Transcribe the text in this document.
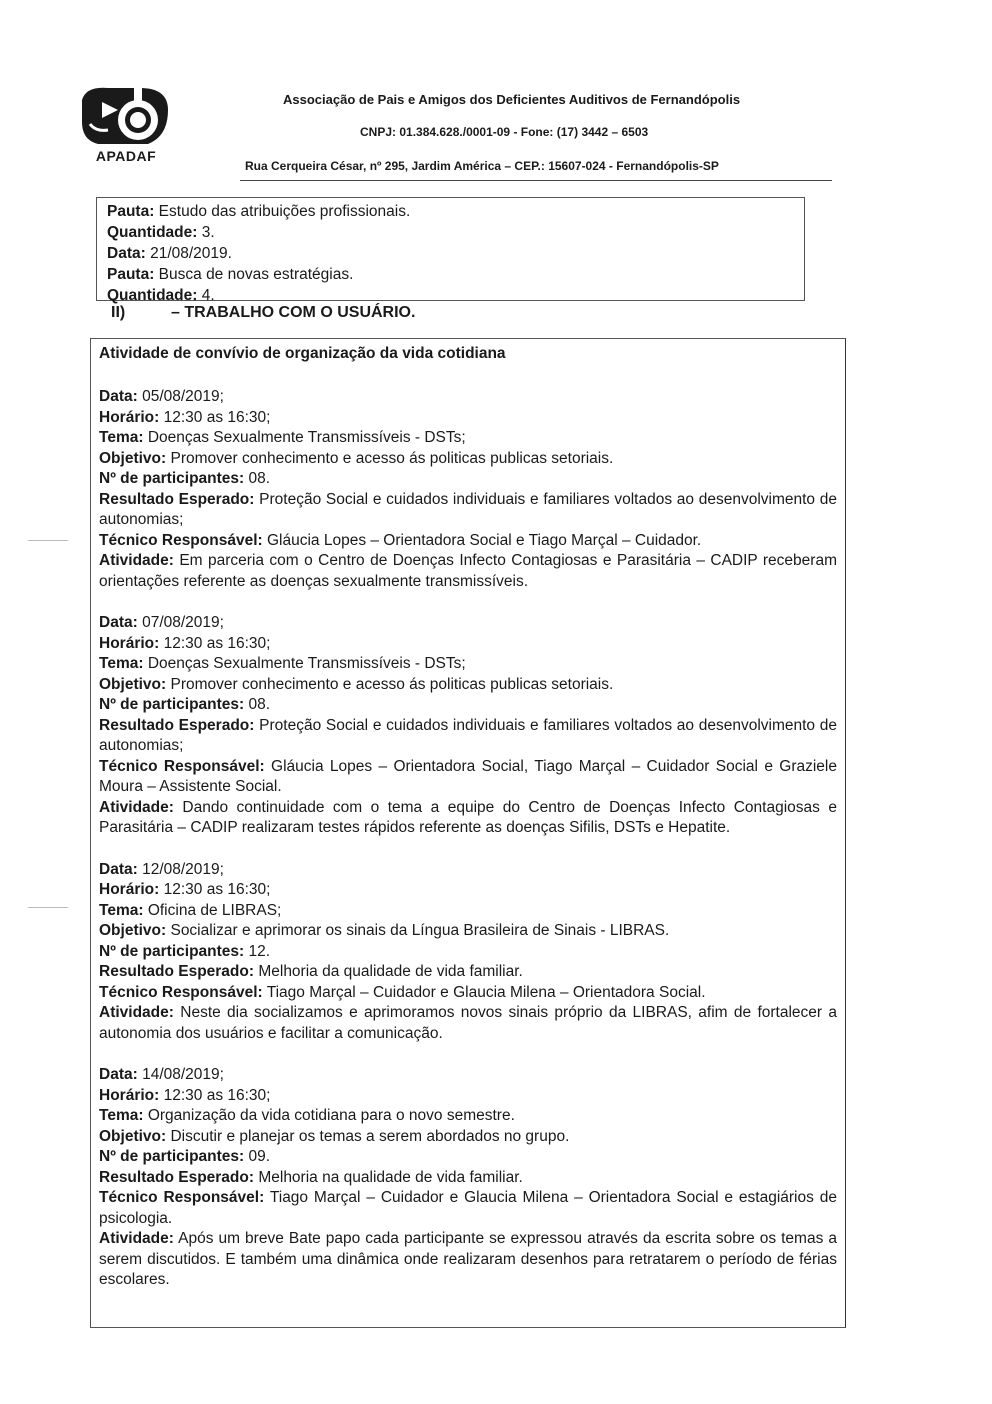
APADAF
Associação de Pais e Amigos dos Deficientes Auditivos de Fernandópolis
CNPJ: 01.384.628./0001-09 - Fone: (17) 3442 – 6503
Rua Cerqueira César, nº 295, Jardim América – CEP.: 15607-024 - Fernandópolis-SP
Pauta: Estudo das atribuições profissionais.
Quantidade: 3.
Data: 21/08/2019.
Pauta: Busca de novas estratégias.
Quantidade: 4.
II)	– TRABALHO COM O USUÁRIO.
Atividade de convívio de organização da vida cotidiana
Data: 05/08/2019;
Horário: 12:30 as 16:30;
Tema: Doenças Sexualmente Transmissíveis - DSTs;
Objetivo: Promover conhecimento e acesso ás politicas publicas setoriais.
Nº de participantes: 08.
Resultado Esperado: Proteção Social e cuidados individuais e familiares voltados ao desenvolvimento de autonomias;
Técnico Responsável: Gláucia Lopes – Orientadora Social e Tiago Marçal – Cuidador.
Atividade: Em parceria com o Centro de Doenças Infecto Contagiosas e Parasitária – CADIP receberam orientações referente as doenças sexualmente transmissíveis.
Data: 07/08/2019;
Horário: 12:30 as 16:30;
Tema: Doenças Sexualmente Transmissíveis - DSTs;
Objetivo: Promover conhecimento e acesso ás politicas publicas setoriais.
Nº de participantes: 08.
Resultado Esperado: Proteção Social e cuidados individuais e familiares voltados ao desenvolvimento de autonomias;
Técnico Responsável: Gláucia Lopes – Orientadora Social, Tiago Marçal – Cuidador Social e Graziele Moura – Assistente Social.
Atividade: Dando continuidade com o tema a equipe do Centro de Doenças Infecto Contagiosas e Parasitária – CADIP realizaram testes rápidos referente as doenças Sifilis, DSTs e Hepatite.
Data: 12/08/2019;
Horário: 12:30 as 16:30;
Tema: Oficina de LIBRAS;
Objetivo: Socializar e aprimorar os sinais da Língua Brasileira de Sinais - LIBRAS.
Nº de participantes: 12.
Resultado Esperado: Melhoria da qualidade de vida familiar.
Técnico Responsável: Tiago Marçal – Cuidador e Glaucia Milena – Orientadora Social.
Atividade: Neste dia socializamos e aprimoramos novos sinais próprio da LIBRAS, afim de fortalecer a autonomia dos usuários e facilitar a comunicação.
Data: 14/08/2019;
Horário: 12:30 as 16:30;
Tema: Organização da vida cotidiana para o novo semestre.
Objetivo: Discutir e planejar os temas a serem abordados no grupo.
Nº de participantes: 09.
Resultado Esperado: Melhoria na qualidade de vida familiar.
Técnico Responsável: Tiago Marçal – Cuidador e Glaucia Milena – Orientadora Social e estagiários de psicologia.
Atividade: Após um breve Bate papo cada participante se expressou através da escrita sobre os temas a serem discutidos. E também uma dinâmica onde realizaram desenhos para retratarem o período de férias escolares.
